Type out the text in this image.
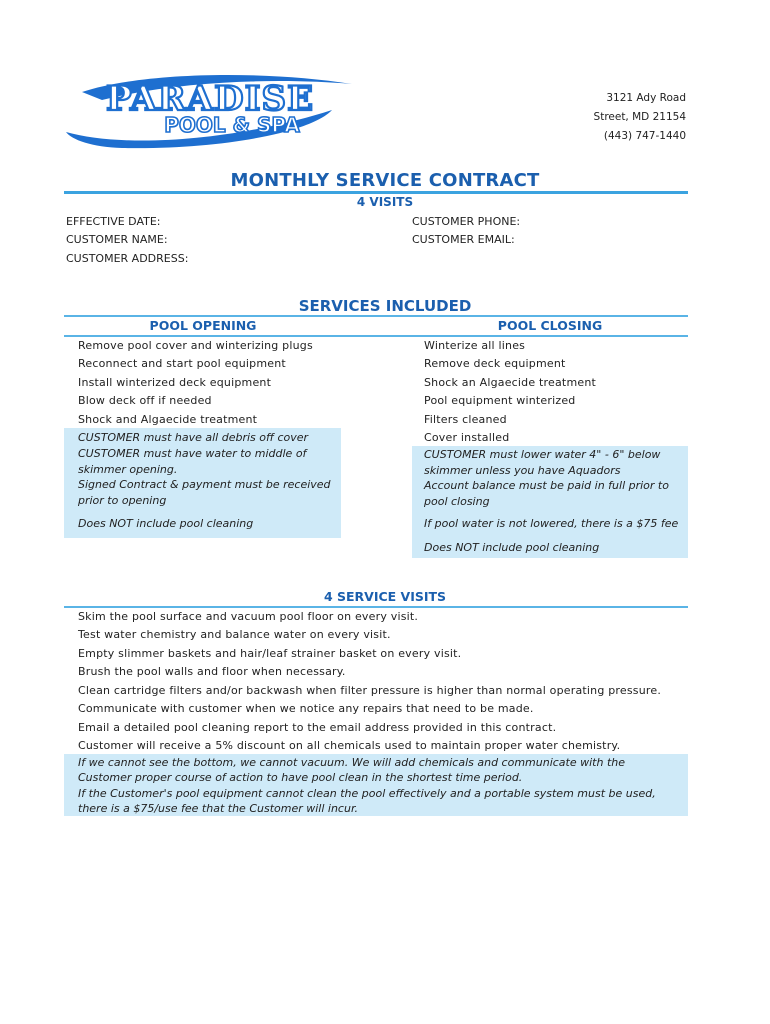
PARADISE
POOL & SPA
3121 Ady Road
Street, MD 21154
(443) 747-1440
MONTHLY SERVICE CONTRACT
4 VISITS
EFFECTIVE DATE:
CUSTOMER NAME:
CUSTOMER ADDRESS:
CUSTOMER PHONE:
CUSTOMER EMAIL:
SERVICES INCLUDED
POOL OPENING	POOL CLOSING
Remove pool cover and winterizing plugs
Reconnect and start pool equipment
Install winterized deck equipment
Blow deck off if needed
Shock and Algaecide treatment
CUSTOMER must have all debris off cover
CUSTOMER must have water to middle of
skimmer opening.
Signed Contract & payment must be received
prior to opening
Does NOT include pool cleaning
Winterize all lines
Remove deck equipment
Shock an Algaecide treatment
Pool equipment winterized
Filters cleaned
Cover installed
CUSTOMER must lower water 4" - 6" below
skimmer unless you have Aquadors
Account balance must be paid in full prior to
pool closing
If pool water is not lowered, there is a $75 fee
Does NOT include pool cleaning
4 SERVICE VISITS
Skim the pool surface and vacuum pool floor on every visit.
Test water chemistry and balance water on every visit.
Empty slimmer baskets and hair/leaf strainer basket on every visit.
Brush the pool walls and floor when necessary.
Clean cartridge filters and/or backwash when filter pressure is higher than normal operating pressure.
Communicate with customer when we notice any repairs that need to be made.
Email a detailed pool cleaning report to the email address provided in this contract.
Customer will receive a 5% discount on all chemicals used to maintain proper water chemistry.
If we cannot see the bottom, we cannot vacuum. We will add chemicals and communicate with the
Customer proper course of action to have pool clean in the shortest time period.
If the Customer's pool equipment cannot clean the pool effectively and a portable system must be used,
there is a $75/use fee that the Customer will incur.
